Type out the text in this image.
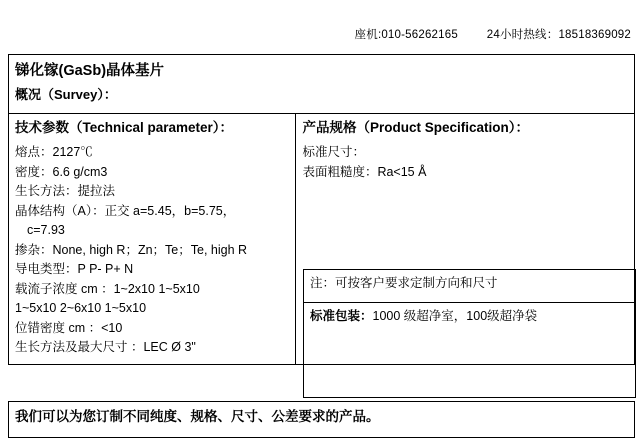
座机:010-56262165	24小时热线：18518369092
锑化镓(GaSb)晶体基片
概况（Survey）：

技术参数（Technical parameter）：
熔点：2127℃
密度：6.6 g/cm3
生长方法：提拉法
晶体结构（A）：正交 a=5.45，b=5.75，
c=7.93
掺杂：None, high R；Zn；Te；Te, high R
导电类型：P P- P+ N
载流子浓度 cm ：1~2x10 1~5x10
1~5x10 2~6x10 1~5x10
位错密度 cm ：<10
生长方法及最大尺寸 ：LEC Ø 3"

产品规格（Product Specification）：
标准尺寸：
表面粗糙度：Ra<15 Å
注：可按客户要求定制方向和尺寸

标准包装：1000 级超净室，100级超净袋
我们可以为您订制不同纯度、规格、尺寸、公差要求的产品。
